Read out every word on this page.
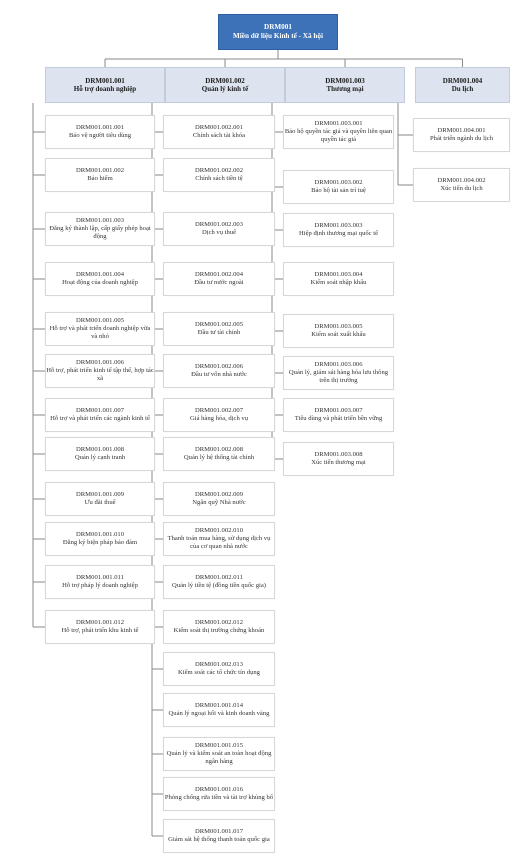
DRM001
Miền dữ liệu Kinh tế - Xã hội
DRM001.001
Hỗ trợ doanh nghiệp
DRM001.001.001
Bảo vệ người tiêu dùng
DRM001.001.002
Bảo hiểm
DRM001.001.003
Đăng ký thành lập, cấp giấy phép hoạt động
DRM001.001.004
Hoạt động của doanh nghiệp
DRM001.001.005
Hỗ trợ và phát triển doanh nghiệp vừa và nhỏ
DRM001.001.006
Hỗ trợ, phát triển kinh tế tập thể, hợp tác xã
DRM001.001.007
Hỗ trợ và phát triển các ngành kinh tế
DRM001.001.008
Quản lý cạnh tranh
DRM001.001.009
Ưu đãi thuế
DRM001.001.010
Đăng ký biện pháp bảo đảm
DRM001.001.011
Hỗ trợ pháp lý doanh nghiệp
DRM001.001.012
Hỗ trợ, phát triển khu kinh tế
DRM001.002
Quản lý kinh tế
DRM001.002.001
Chính sách tài khóa
DRM001.002.002
Chính sách tiền tệ
DRM001.002.003
Dịch vụ thuế
DRM001.002.004
Đầu tư nước ngoài
DRM001.002.005
Đầu tư tài chính
DRM001.002.006
Đầu tư vốn nhà nước
DRM001.002.007
Giá hàng hóa, dịch vụ
DRM001.002.008
Quản lý hệ thống tài chính
DRM001.002.009
Ngân quỹ Nhà nước
DRM001.002.010
Thanh toán mua hàng, sử dụng dịch vụ của cơ quan nhà nước
DRM001.002.011
Quản lý tiền tệ (đồng tiền quốc gia)
DRM001.002.012
Kiểm soát thị trường chứng khoán
DRM001.002.013
Kiểm soát các tổ chức tín dụng
DRM001.001.014
Quản lý ngoại hối và kinh doanh vàng
DRM001.001.015
Quản lý và kiểm soát an toàn hoạt động ngân hàng
DRM001.001.016
Phòng chống rửa tiền và tài trợ khủng bố
DRM001.001.017
Giám sát hệ thống thanh toán quốc gia
DRM001.003
Thương mại
DRM001.003.001
Bảo hộ quyền tác giả và quyền liên quan quyền tác giả
DRM001.003.002
Bảo hộ tài sản trí tuệ
DRM001.003.003
Hiệp định thương mại quốc tế
DRM001.003.004
Kiểm soát nhập khẩu
DRM001.003.005
Kiểm soát xuất khẩu
DRM001.003.006
Quản lý, giám sát hàng hóa lưu thông trên thị trường
DRM001.003.007
Tiêu dùng và phát triển bền vững
DRM001.003.008
Xúc tiến thương mại
DRM001.004
Du lịch
DRM001.004.001
Phát triển ngành du lịch
DRM001.004.002
Xúc tiến du lịch
